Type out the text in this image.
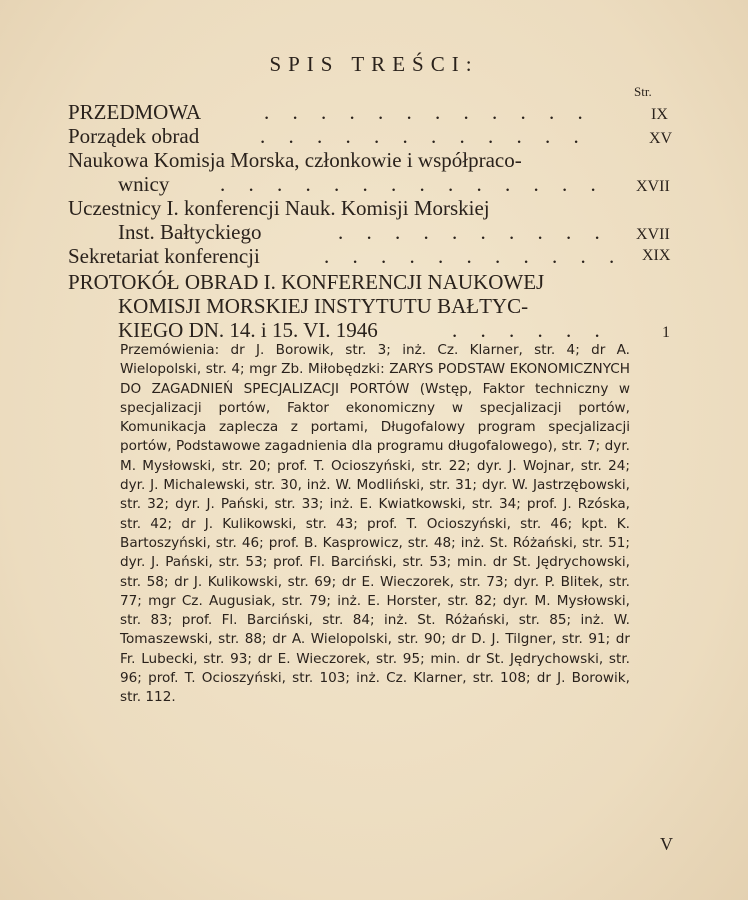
SPIS TREŚCI:
Str.
PRZEDMOWA	. . . . . . . . . . . .	IX
Porządek obrad	. . . . . . . . . . . .	XV
Naukowa Komisja Morska, członkowie i współpraco-
wnicy . . . . . . . . . . . . . . XVII
Uczestnicy I. konferencji Nauk. Komisji Morskiej
Inst. Bałtyckiego	. . . . . . . . . . XVII
Sekretariat konferencji	. . . . . . . . . . . XIX
PROTOKÓŁ OBRAD I. KONFERENCJI NAUKOWEJ
KOMISJI MORSKIEJ INSTYTUTU BAŁTYC-
KIEGO DN. 14. i 15. VI. 1946	. . . . . .	1

Przemówienia: dr J. Borowik, str. 3; inż. Cz. Klarner, str. 4; dr A. Wielopolski, str. 4; mgr Zb. Miłobędzki: ZARYS PODSTAW EKONOMICZNYCH DO ZAGADNIEŃ SPECJALIZACJI PORTÓW (Wstęp, Faktor techniczny w specjalizacji portów, Faktor ekonomiczny w specjalizacji portów, Komunikacja zaplecza z portami, Długofalowy program specjalizacji portów, Podstawowe zagadnienia dla programu długofalowego), str. 7; dyr. M. Mysłowski, str. 20; prof. T. Ocioszyński, str. 22; dyr. J. Wojnar, str. 24; dyr. J. Michalewski, str. 30, inż. W. Modliński, str. 31; dyr. W. Jastrzębowski, str. 32; dyr. J. Pański, str. 33; inż. E. Kwiatkowski, str. 34; prof. J. Rzóska, str. 42; dr J. Kulikowski, str. 43; prof. T. Ocioszyński, str. 46; kpt. K. Bartoszyński, str. 46; prof. B. Kasprowicz, str. 48; inż. St. Różański, str. 51; dyr. J. Pański, str. 53; prof. Fl. Barciński, str. 53; min. dr St. Jędrychowski, str. 58; dr J. Kulikowski, str. 69; dr E. Wieczorek, str. 73; dyr. P. Blitek, str. 77; mgr Cz. Augusiak, str. 79; inż. E. Horster, str. 82; dyr. M. Mysłowski, str. 83; prof. Fl. Barciński, str. 84; inż. St. Różański, str. 85; inż. W. Tomaszewski, str. 88; dr A. Wielopolski, str. 90; dr D. J. Tilgner, str. 91; dr Fr. Lubecki, str. 93; dr E. Wieczorek, str. 95; min. dr St. Jędrychowski, str. 96; prof. T. Ocioszyński, str. 103; inż. Cz. Klarner, str. 108; dr J. Borowik, str. 112.

V
